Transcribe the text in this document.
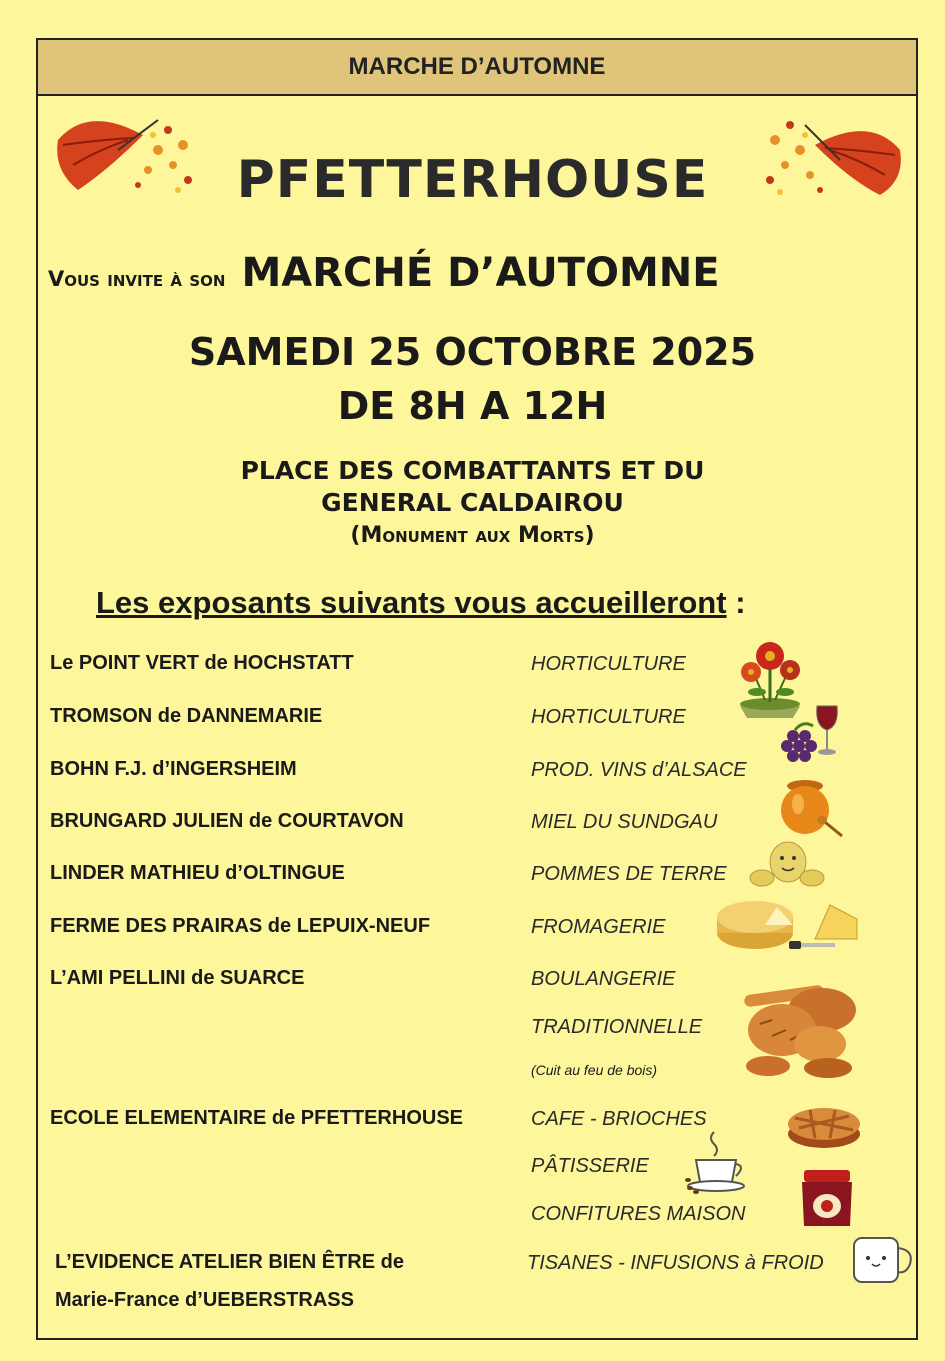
MARCHE D’AUTOMNE
PFETTERHOUSE
Vous invite à son MARCHÉ D’AUTOMNE
SAMEDI 25 OCTOBRE 2025
DE 8H A 12H
PLACE DES COMBATTANTS ET DU
GENERAL CALDAIROU
(Monument aux Morts)
Les exposants suivants vous accueilleront :
Le POINT VERT de HOCHSTATT
TROMSON de DANNEMARIE
BOHN F.J. d’INGERSHEIM
BRUNGARD JULIEN de COURTAVON
LINDER MATHIEU d’OLTINGUE
FERME DES PRAIRAS de LEPUIX-NEUF
L’AMI PELLINI de SUARCE
ECOLE ELEMENTAIRE de PFETTERHOUSE
L’EVIDENCE ATELIER BIEN ÊTRE de
Marie-France d’UEBERSTRASS
HORTICULTURE
HORTICULTURE
PROD. VINS d’ALSACE
MIEL DU SUNDGAU
POMMES DE TERRE
FROMAGERIE
BOULANGERIE
TRADITIONNELLE
(Cuit au feu de bois)
CAFE - BRIOCHES
PÂTISSERIE
CONFITURES MAISON
TISANES - INFUSIONS à FROID
